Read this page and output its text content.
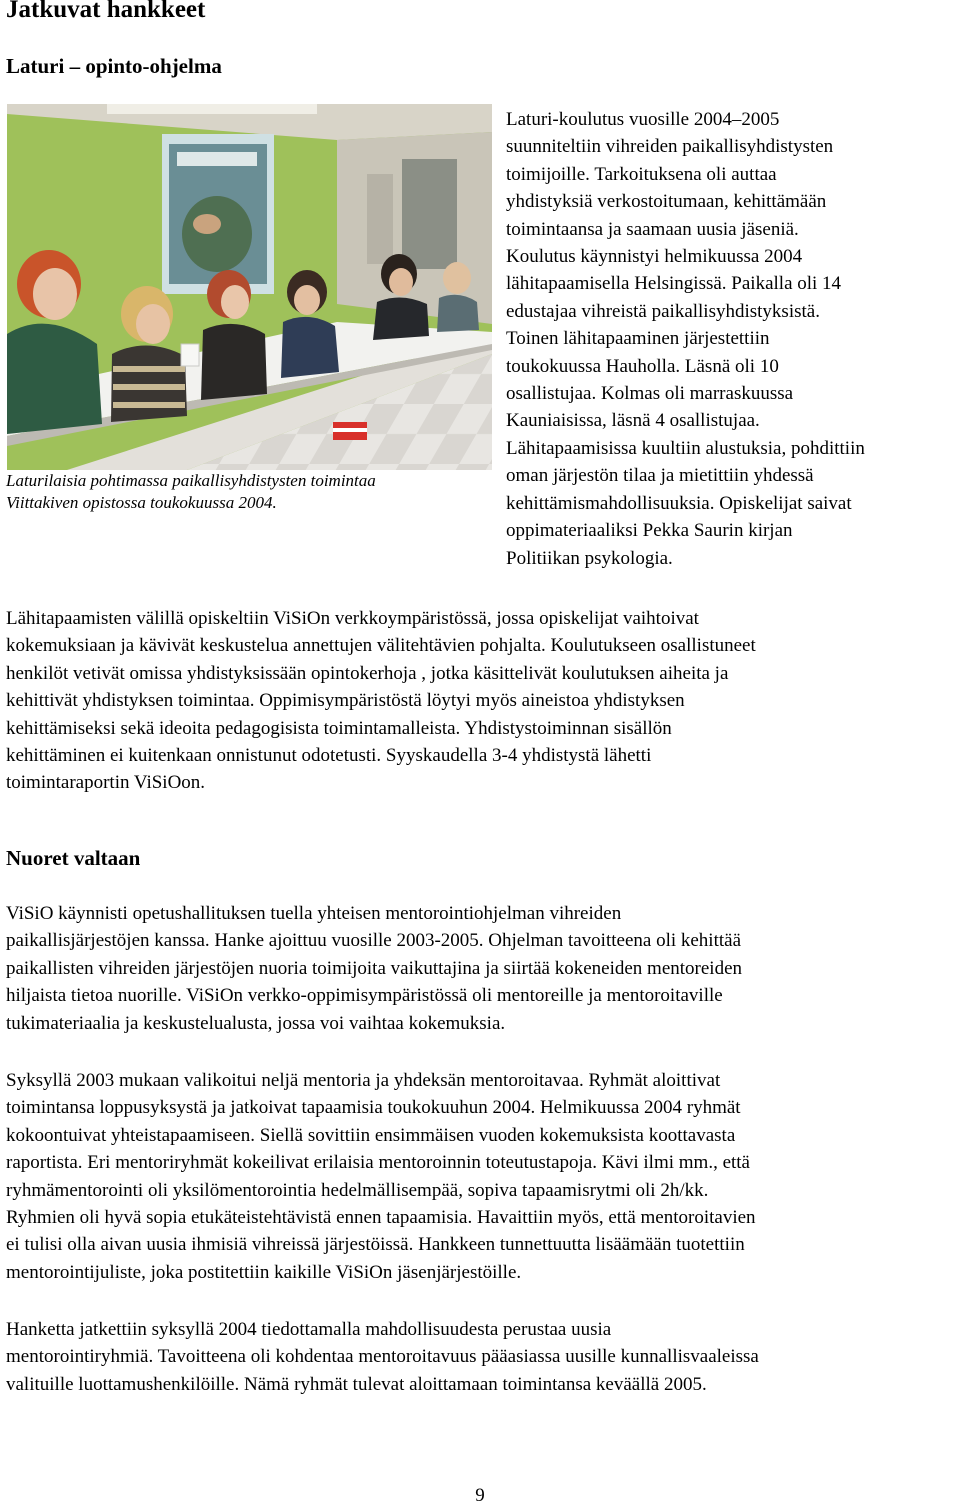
Jatkuvat hankkeet
Laturi – opinto-ohjelma
Laturilaisia pohtimassa paikallisyhdistysten toimintaa
Viittakiven opistossa toukokuussa 2004.
Laturi-koulutus vuosille 2004–2005
suunniteltiin vihreiden paikallisyhdistysten
toimijoille. Tarkoituksena oli auttaa
yhdistyksiä verkostoitumaan, kehittämään
toimintaansa ja saamaan uusia jäseniä.
Koulutus käynnistyi helmikuussa 2004
lähitapaamisella Helsingissä. Paikalla oli 14
edustajaa vihreistä paikallisyhdistyksistä.
Toinen lähitapaaminen järjestettiin
toukokuussa Hauholla. Läsnä oli 10
osallistujaa. Kolmas oli marraskuussa
Kauniaisissa, läsnä 4 osallistujaa.
Lähitapaamisissa kuultiin alustuksia, pohdittiin
oman järjestön tilaa ja mietittiin yhdessä
kehittämismahdollisuuksia. Opiskelijat saivat
oppimateriaaliksi Pekka Saurin kirjan
Politiikan psykologia.
Lähitapaamisten välillä opiskeltiin ViSiOn verkkoympäristössä, jossa opiskelijat vaihtoivat
kokemuksiaan ja kävivät keskustelua annettujen välitehtävien pohjalta. Koulutukseen osallistuneet
henkilöt vetivät omissa yhdistyksissään opintokerhoja , jotka käsittelivät koulutuksen aiheita ja
kehittivät yhdistyksen toimintaa. Oppimisympäristöstä löytyi myös aineistoa yhdistyksen
kehittämiseksi sekä ideoita pedagogisista toimintamalleista. Yhdistystoiminnan sisällön
kehittäminen ei kuitenkaan onnistunut odotetusti. Syyskaudella 3-4 yhdistystä lähetti
toimintaraportin ViSiOon.
Nuoret valtaan
ViSiO käynnisti opetushallituksen tuella yhteisen mentorointiohjelman vihreiden
paikallisjärjestöjen kanssa. Hanke ajoittuu vuosille 2003-2005. Ohjelman tavoitteena oli kehittää
paikallisten vihreiden järjestöjen nuoria toimijoita vaikuttajina ja siirtää kokeneiden mentoreiden
hiljaista tietoa nuorille. ViSiOn verkko-oppimisympäristössä oli mentoreille ja mentoroitaville
tukimateriaalia ja keskustelualusta, jossa voi vaihtaa kokemuksia.
Syksyllä 2003 mukaan valikoitui neljä mentoria ja yhdeksän mentoroitavaa. Ryhmät aloittivat
toimintansa loppusyksystä ja jatkoivat tapaamisia toukokuuhun 2004. Helmikuussa 2004 ryhmät
kokoontuivat yhteistapaamiseen. Siellä sovittiin ensimmäisen vuoden kokemuksista koottavasta
raportista. Eri mentoriryhmät kokeilivat erilaisia mentoroinnin toteutustapoja. Kävi ilmi mm., että
ryhmämentorointi oli yksilömentorointia hedelmällisempää, sopiva tapaamisrytmi oli 2h/kk.
Ryhmien oli hyvä sopia etukäteistehtävistä ennen tapaamisia. Havaittiin myös, että mentoroitavien
ei tulisi olla aivan uusia ihmisiä vihreissä järjestöissä. Hankkeen tunnettuutta lisäämään tuotettiin
mentorointijuliste, joka postitettiin kaikille ViSiOn jäsenjärjestöille.
Hanketta jatkettiin syksyllä 2004 tiedottamalla mahdollisuudesta perustaa uusia
mentorointiryhmiä. Tavoitteena oli kohdentaa mentoroitavuus pääasiassa uusille kunnallisvaaleissa
valituille luottamushenkilöille. Nämä ryhmät tulevat aloittamaan toimintansa keväällä 2005.
9
